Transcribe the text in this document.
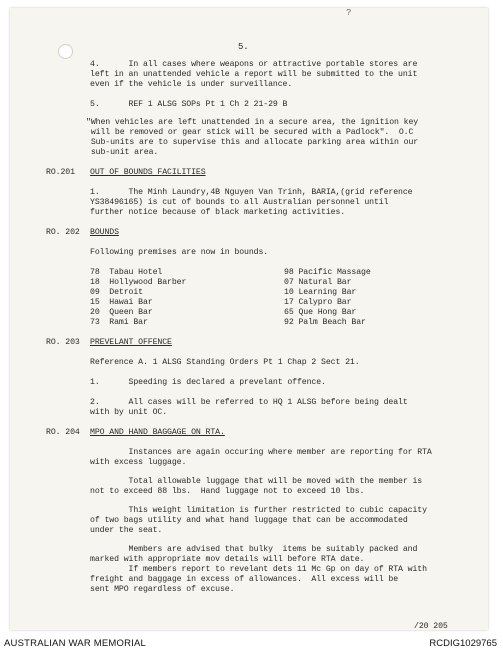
?
5.
4.      In all cases where weapons or attractive portable stores are
left in an unattended vehicle a report will be submitted to the unit
even if the vehicle is under surveillance.
5.      REF 1 ALSG SOPs Pt 1 Ch 2 21-29 B
"When vehicles are left unattended in a secure area, the ignition key
will be removed or gear stick will be secured with a Padlock".  O.C
Sub-units are to supervise this and allocate parking area within our
sub-unit area.
RO.201 OUT OF BOUNDS FACILITIES
1.      The Minh Laundry,4B Nguyen Van Trinh, BARIA,(grid reference
YS38496165) is cut of bounds to all Australian personnel until
further notice because of black marketing activities.
RO. 202 BOUNDS
Following premises are now in bounds.
78  Tabau Hotel
18  Hollywood Barber
09  Detroit
15  Hawai Bar
20  Queen Bar
73  Rami Bar
98 Pacific Massage
07 Natural Bar
10 Learning Bar
17 Calypro Bar
65 Que Hong Bar
92 Palm Beach Bar
RO. 203 PREVELANT OFFENCE
Reference A. 1 ALSG Standing Orders Pt 1 Chap 2 Sect 21.
1.      Speeding is declared a prevelant offence.
2.      All cases will be referred to HQ 1 ALSG before being dealt
with by unit OC.
RO. 204 MPO AND HAND BAGGAGE ON RTA.
Instances are again occuring where member are reporting for RTA
with excess luggage.
Total allowable luggage that will be moved with the member is
not to exceed 88 lbs.  Hand luggage not to exceed 10 lbs.
This weight limitation is further restricted to cubic capacity
of two bags utility and what hand luggage that can be accommodated
under the seat.
Members are advised that bulky  items be suitably packed and
marked with appropriate mov details will before RTA date.
If members report to revelant dets 11 Mc Gp on day of RTA with
freight and baggage in excess of allowances.  All excess will be
sent MPO regardless of excuse.
/20 205
AUSTRALIAN WAR MEMORIAL	RCDIG1029765
